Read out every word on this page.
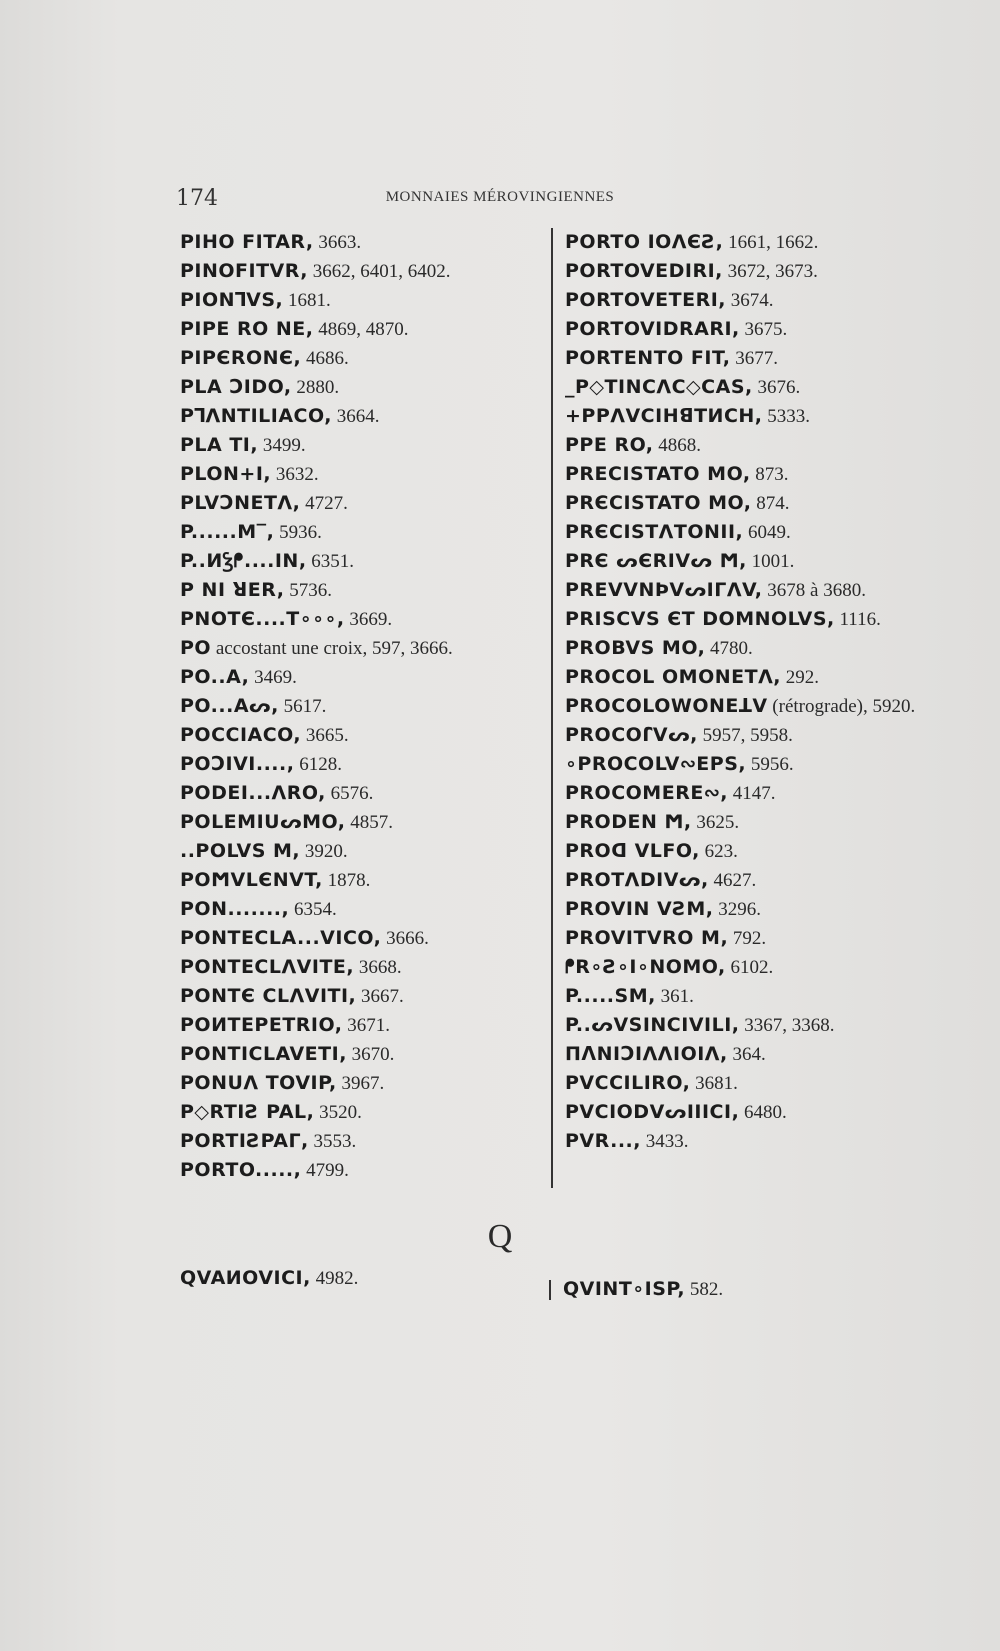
174	MONNAIES MÉROVINGIENNES
PIHO FITAR, 3663.
PINOFITVR, 3662, 6401, 6402.
PIONꓶVS, 1681.
PIPE RO NE, 4869, 4870.
PIPЄRONЄ, 4686.
PLA ꓛIDO, 2880.
PꓶΛNTILIACO, 3664.
PLA TI, 3499.
PLON+I, 3632.
PLVꓛNETΛ, 4727.
P......M‾, 5936.
P..ИꝢᖰ....IN, 6351.
P NI ꓤER, 5736.
PNOTЄ....T∘∘∘, 3669.
PO accostant une croix, 597, 3666.
PO..A, 3469.
PO...Aᔕ, 5617.
POCCIACO, 3665.
POꓛIVI...., 6128.
PODEI...ΛRO, 6576.
POLEMIUᔕMO, 4857.
..POLVS M, 3920.
POϺVLЄNVT, 1878.
PON......., 6354.
PONTECLA...VICO, 3666.
PONTECLΛVITE, 3668.
PONTЄ CLΛVITI, 3667.
POИTEPETRIO, 3671.
PONTICLAVETI, 3670.
PONUΛ TOVIP, 3967.
P◇RTIꙄ PAL, 3520.
PORTIꙄPAΓ, 3553.
PORTO....., 4799.
PORTO IOΛЄꙄ, 1661, 1662.
PORTOVEDIRI, 3672, 3673.
PORTOVETERI, 3674.
PORTOVIDRARI, 3675.
PORTENTO FIT, 3677.
_P◇TINCΛC◇CAS, 3676.
+PPΛVCIHꓭTИCH, 5333.
PPE RO, 4868.
PRECISTATO MO, 873.
PRЄCISTATO MO, 874.
PRЄCISTΛTONII, 6049.
PRЄ ᔕЄRIVᔕ Ϻ, 1001.
PREVVNÞVᔕIΓΛV, 3678 à 3680.
PRISCVS ЄT DOMNOLVS, 1116.
PROBVS MO, 4780.
PROCOL OMONETΛ, 292.
PROCOLOWONEꓕV (rétrograde), 5920.
PROCOꓩVᔕ, 5957, 5958.
∘PROCOLV∾EPS, 5956.
PROCOMERE∾, 4147.
PRODEN Ϻ, 3625.
PROꓷ VLFO, 623.
PROTΛDIVᔕ, 4627.
PROVIN VꙄM, 3296.
PROVITVRO M, 792.
ᖰR∘Ꙅ∘I∘NOMO, 6102.
P.....SM, 361.
P..ᔕVSINCIVILI, 3367, 3368.
ΠꓥNIꓛIΛΛIOIΛ, 364.
PVCCILIRO, 3681.
PVCIODVᔕIIICI, 6480.
PVR..., 3433.
Q
QVAИOVICI, 4982.	QVINT∘ISP, 582.
